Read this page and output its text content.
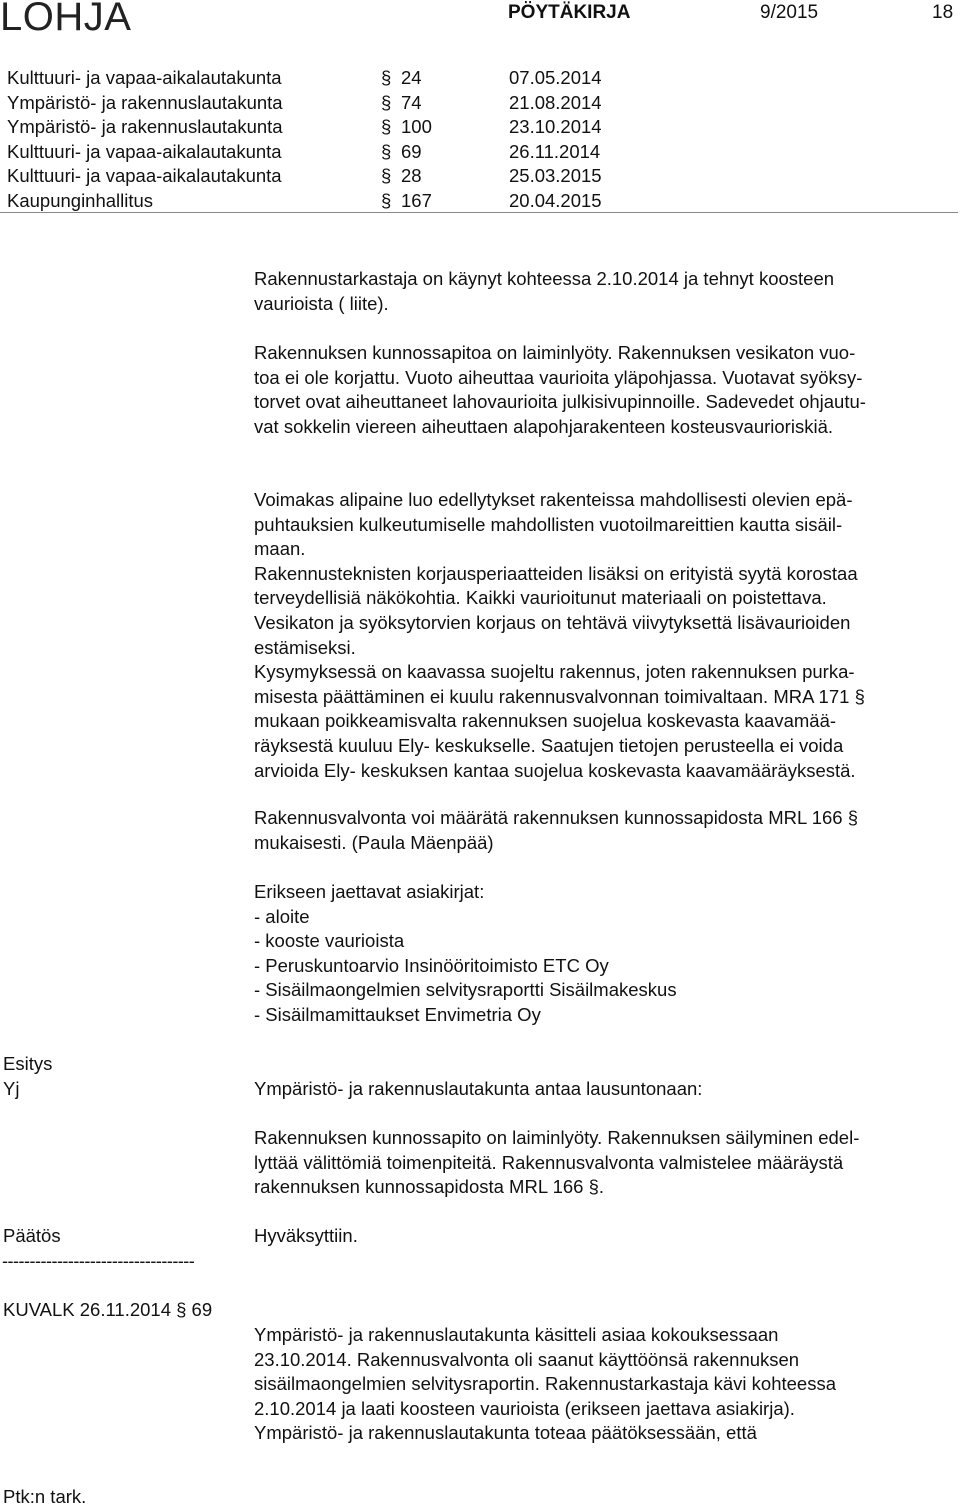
LOHJA	PÖYTÄKIRJA	9/2015	18
Kulttuuri- ja vapaa-aikalautakunta	§ 24	07.05.2014
Ympäristö- ja rakennuslautakunta	§ 74	21.08.2014
Ympäristö- ja rakennuslautakunta	§ 100	23.10.2014
Kulttuuri- ja vapaa-aikalautakunta	§ 69	26.11.2014
Kulttuuri- ja vapaa-aikalautakunta	§ 28	25.03.2015
Kaupunginhallitus	§ 167	20.04.2015

Rakennustarkastaja on käynyt kohteessa 2.10.2014 ja tehnyt koosteen

vaurioista ( liite).

Rakennuksen kunnossapitoa on laiminlyöty. Rakennuksen vesikaton vuo-

toa ei ole korjattu. Vuoto aiheuttaa vaurioita yläpohjassa. Vuotavat syöksy-

torvet ovat aiheuttaneet lahovaurioita julkisivupinnoille. Sadevedet ohjautu-

vat sokkelin viereen aiheuttaen alapohjarakenteen kosteusvaurioriskiä.

Voimakas alipaine luo edellytykset rakenteissa mahdollisesti olevien epä-

puhtauksien kulkeutumiselle mahdollisten vuotoilmareittien kautta sisäil-

maan.

Rakennusteknisten korjausperiaatteiden lisäksi on erityistä syytä korostaa

terveydellisiä näkökohtia. Kaikki vaurioitunut materiaali on poistettava.

Vesikaton ja syöksytorvien korjaus on tehtävä viivytyksettä lisävaurioiden

estämiseksi.

Kysymyksessä on kaavassa suojeltu rakennus, joten rakennuksen purka-

misesta päättäminen ei kuulu rakennusvalvonnan toimivaltaan. MRA 171 §

mukaan poikkeamisvalta rakennuksen suojelua koskevasta kaavamää-

räyksestä kuuluu Ely- keskukselle. Saatujen tietojen perusteella ei voida

arvioida Ely- keskuksen kantaa suojelua koskevasta kaavamääräyksestä.

Rakennusvalvonta voi määrätä rakennuksen kunnossapidosta MRL 166 §

mukaisesti. (Paula Mäenpää)

Erikseen jaettavat asiakirjat:

- aloite

- kooste vaurioista

- Peruskuntoarvio Insinööritoimisto ETC Oy

- Sisäilmaongelmien selvitysraportti Sisäilmakeskus

- Sisäilmamittaukset Envimetria Oy

Esitys
Yj	Ympäristö- ja rakennuslautakunta antaa lausuntonaan:

Rakennuksen kunnossapito on laiminlyöty. Rakennuksen säilyminen edel-

lyttää välittömiä toimenpiteitä. Rakennusvalvonta valmistelee määräystä

rakennuksen kunnossapidosta MRL 166 §.

Päätös	Hyväksyttiin.

-----------------------------------
KUVALK 26.11.2014 § 69

Ympäristö- ja rakennuslautakunta käsitteli asiaa kokouksessaan

23.10.2014. Rakennusvalvonta oli saanut käyttöönsä rakennuksen

sisäilmaongelmien selvitysraportin. Rakennustarkastaja kävi kohteessa

2.10.2014 ja laati koosteen vaurioista (erikseen jaettava asiakirja).

Ympäristö- ja rakennuslautakunta toteaa päätöksessään, että

Ptk:n tark.
